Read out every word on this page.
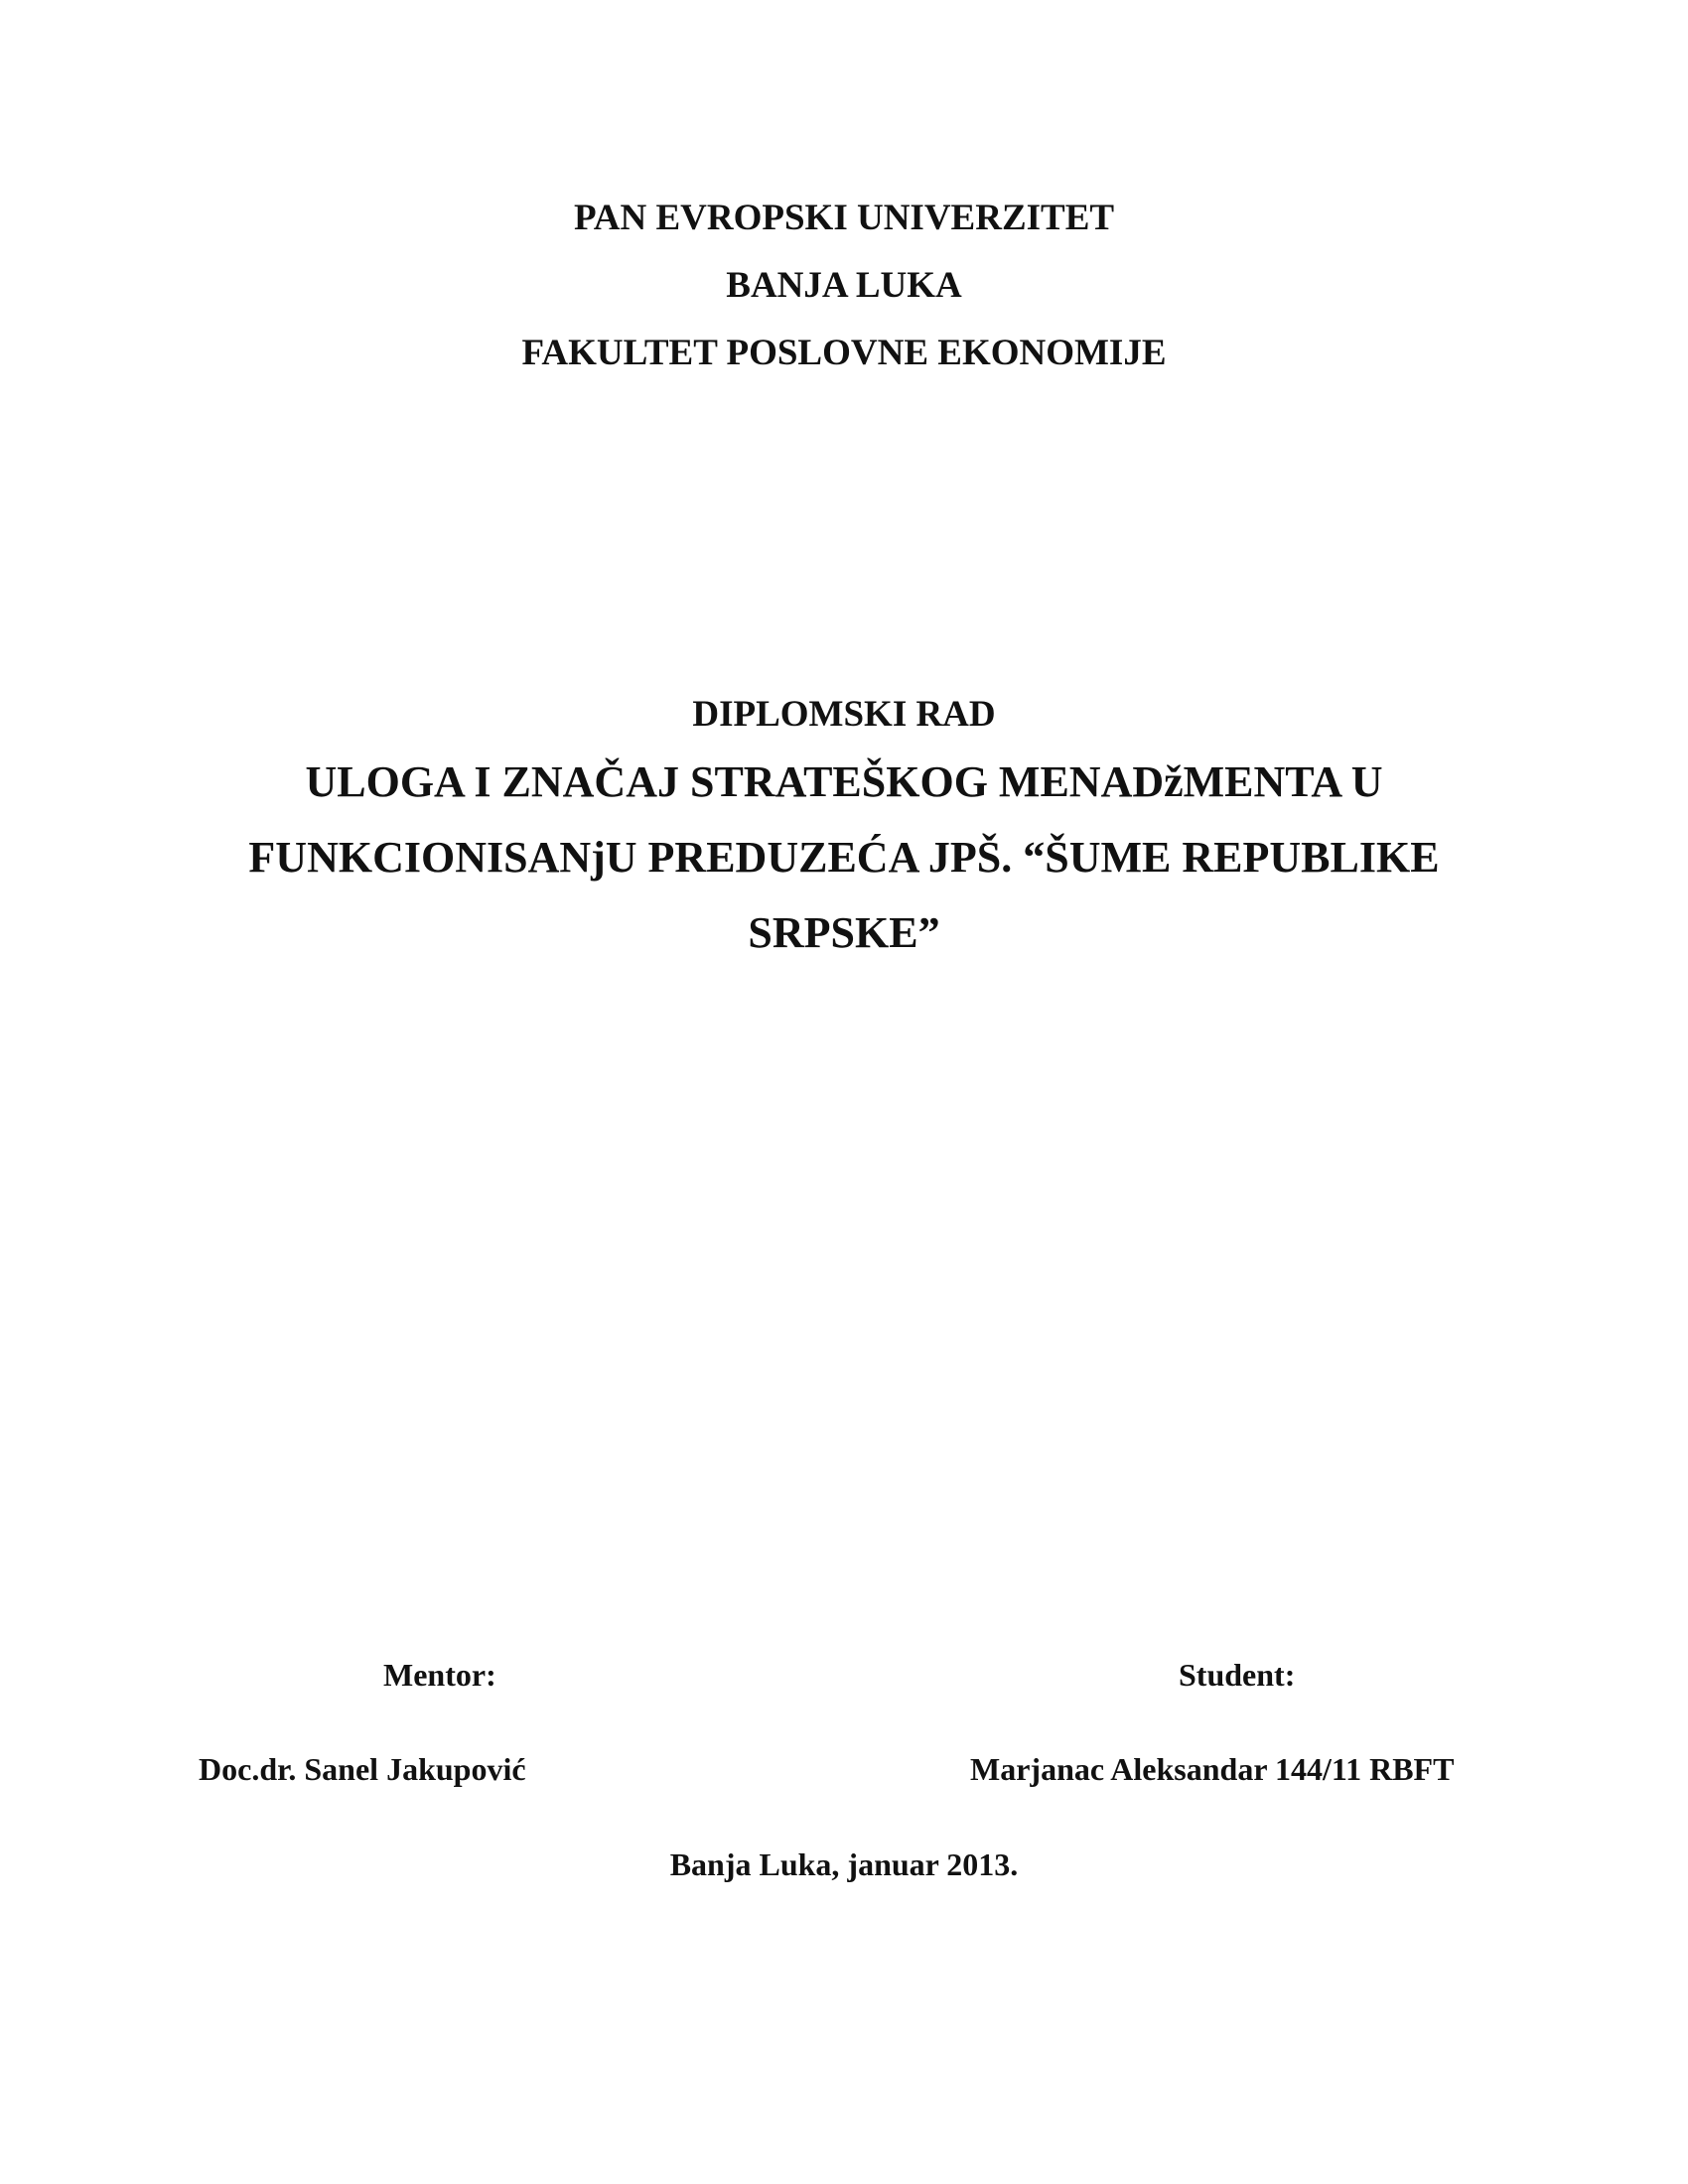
PAN EVROPSKI UNIVERZITET
BANJA LUKA
FAKULTET POSLOVNE EKONOMIJE
DIPLOMSKI RAD
ULOGA I ZNAČAJ STRATEŠKOG MENADžMENTA U
FUNKCIONISANjU PREDUZEĆA JPŠ. “ŠUME REPUBLIKE
SRPSKE”
Mentor:	Student:
Doc.dr. Sanel Jakupović	Marjanac Aleksandar 144/11 RBFT
Banja Luka, januar 2013.
